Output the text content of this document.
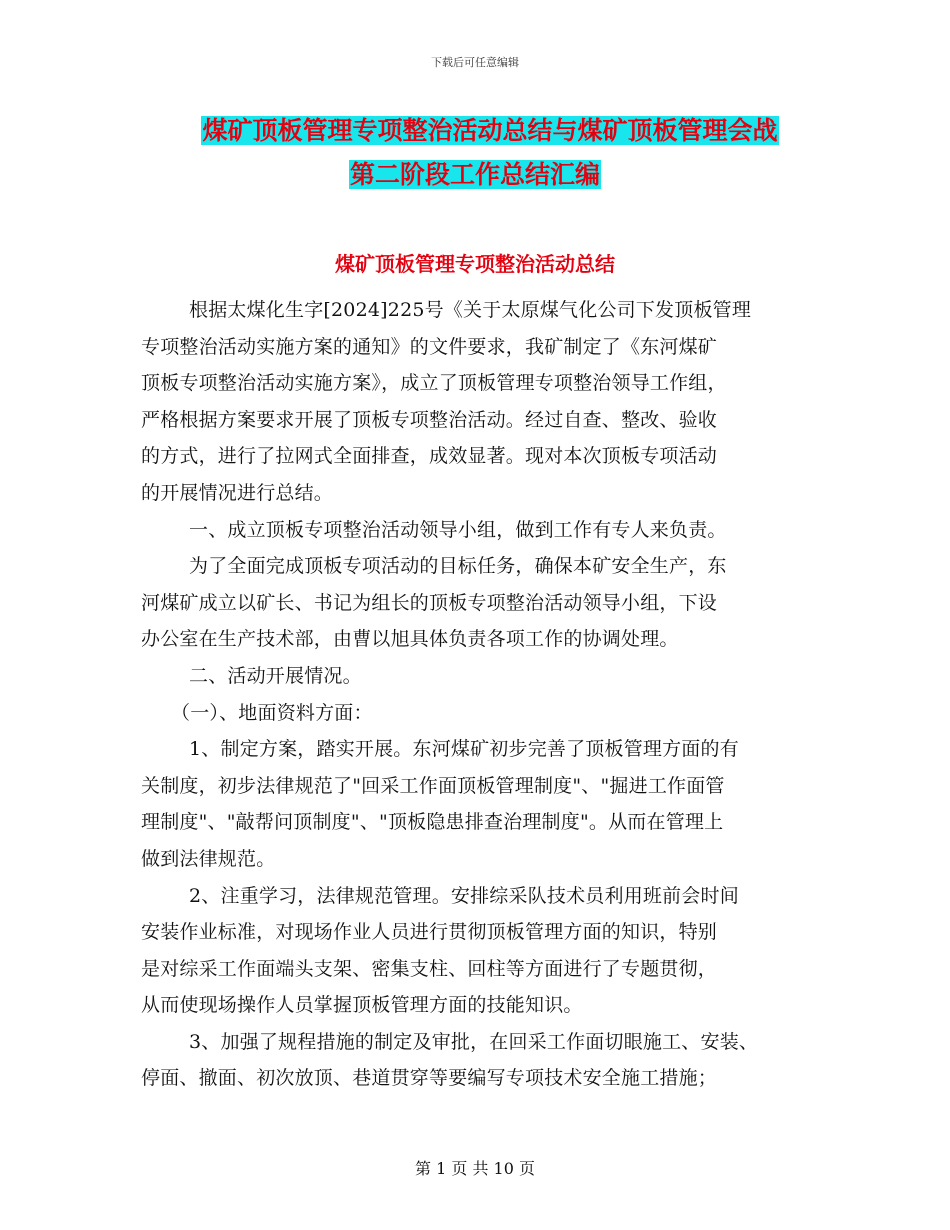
下载后可任意编辑
煤矿顶板管理专项整治活动总结与煤矿顶板管理会战
第二阶段工作总结汇编
煤矿顶板管理专项整治活动总结
根据太煤化生字[2024]225号《关于太原煤气化公司下发顶板管理
专项整治活动实施方案的通知》的文件要求，我矿制定了《东河煤矿
顶板专项整治活动实施方案》，成立了顶板管理专项整治领导工作组，
严格根据方案要求开展了顶板专项整治活动。经过自查、整改、验收
的方式，进行了拉网式全面排查，成效显著。现对本次顶板专项活动
的开展情况进行总结。
一、成立顶板专项整治活动领导小组，做到工作有专人来负责。
为了全面完成顶板专项活动的目标任务，确保本矿安全生产，东
河煤矿成立以矿长、书记为组长的顶板专项整治活动领导小组，下设
办公室在生产技术部，由曹以旭具体负责各项工作的协调处理。
二、活动开展情况。
（一）、地面资料方面：
1、制定方案，踏实开展。东河煤矿初步完善了顶板管理方面的有
关制度，初步法律规范了"回采工作面顶板管理制度"、"掘进工作面管
理制度"、"敲帮问顶制度"、"顶板隐患排查治理制度"。从而在管理上
做到法律规范。
2、注重学习，法律规范管理。安排综采队技术员利用班前会时间
安装作业标准，对现场作业人员进行贯彻顶板管理方面的知识，特别
是对综采工作面端头支架、密集支柱、回柱等方面进行了专题贯彻，
从而使现场操作人员掌握顶板管理方面的技能知识。
3、加强了规程措施的制定及审批，在回采工作面切眼施工、安装、
停面、撤面、初次放顶、巷道贯穿等要编写专项技术安全施工措施；
第 1 页 共 10 页
